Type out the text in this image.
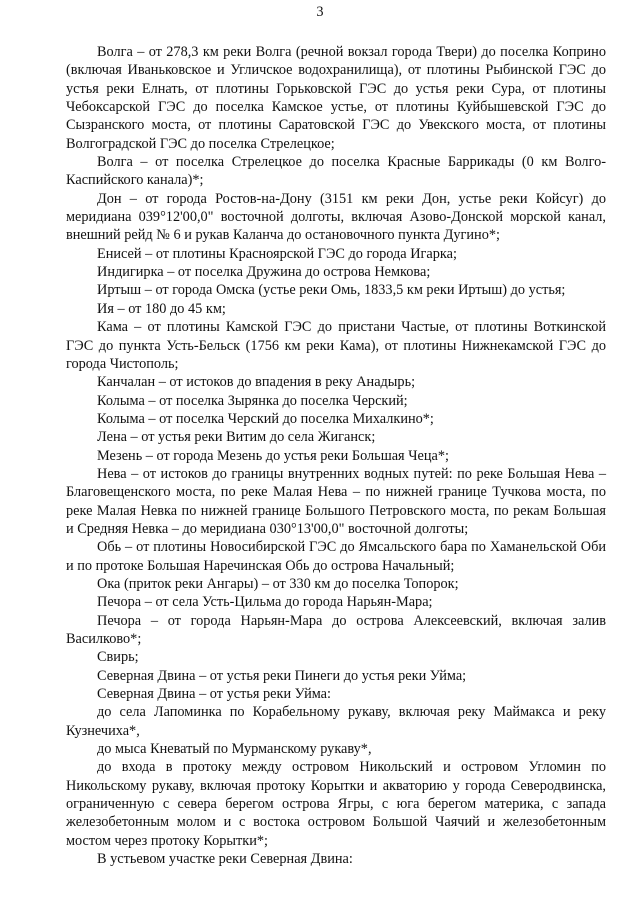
3

Волга – от 278,3 км реки Волга (речной вокзал города Твери) до поселка Коприно (включая Иваньковское и Угличское водохранилища), от плотины Рыбинской ГЭС до устья реки Елнать, от плотины Горьковской ГЭС до устья реки Сура, от плотины Чебоксарской ГЭС до поселка Камское устье, от плотины Куйбышевской ГЭС до Сызранского моста, от плотины Саратовской ГЭС до Увекского моста, от плотины Волгоградской ГЭС до поселка Стрелецкое;

Волга – от поселка Стрелецкое до поселка Красные Баррикады (0 км Волго-Каспийского канала)*;

Дон – от города Ростов-на-Дону (3151 км реки Дон, устье реки Койсуг) до меридиана 039°12'00,0" восточной долготы, включая Азово-Донской морской канал, внешний рейд № 6 и рукав Каланча до остановочного пункта Дугино*;

Енисей – от плотины Красноярской ГЭС до города Игарка;

Индигирка – от поселка Дружина до острова Немкова;

Иртыш – от города Омска (устье реки Омь, 1833,5 км реки Иртыш) до устья;

Ия – от 180 до 45 км;

Кама – от плотины Камской ГЭС до пристани Частые, от плотины Воткинской ГЭС до пункта Усть-Бельск (1756 км реки Кама), от плотины Нижнекамской ГЭС до города Чистополь;

Канчалан – от истоков до впадения в реку Анадырь;

Колыма – от поселка Зырянка до поселка Черский;

Колыма – от поселка Черский до поселка Михалкино*;

Лена – от устья реки Витим до села Жиганск;

Мезень – от города Мезень до устья реки Большая Чеца*;

Нева – от истоков до границы внутренних водных путей: по реке Большая Нева – Благовещенского моста, по реке Малая Нева – по нижней границе Тучкова моста, по реке Малая Невка по нижней границе Большого Петровского моста, по рекам Большая и Средняя Невка – до меридиана 030°13'00,0" восточной долготы;

Обь – от плотины Новосибирской ГЭС до Ямсальского бара по Хаманельской Оби и по протоке Большая Наречинская Обь до острова Начальный;

Ока (приток реки Ангары) – от 330 км до поселка Топорок;

Печора – от села Усть-Цильма до города Нарьян-Мара;

Печора – от города Нарьян-Мара до острова Алексеевский, включая залив Василково*;

Свирь;

Северная Двина – от устья реки Пинеги до устья реки Уйма;

Северная Двина – от устья реки Уйма:

до села Лапоминка по Корабельному рукаву, включая реку Маймакса и реку Кузнечиха*,

до мыса Кневатый по Мурманскому рукаву*,

до входа в протоку между островом Никольский и островом Угломин по Никольскому рукаву, включая протоку Корытки и акваторию у города Северодвинска, ограниченную с севера берегом острова Ягры, с юга берегом материка, с запада железобетонным молом и с востока островом Большой Чаячий и железобетонным мостом через протоку Корытки*;

В устьевом участке реки Северная Двина:
